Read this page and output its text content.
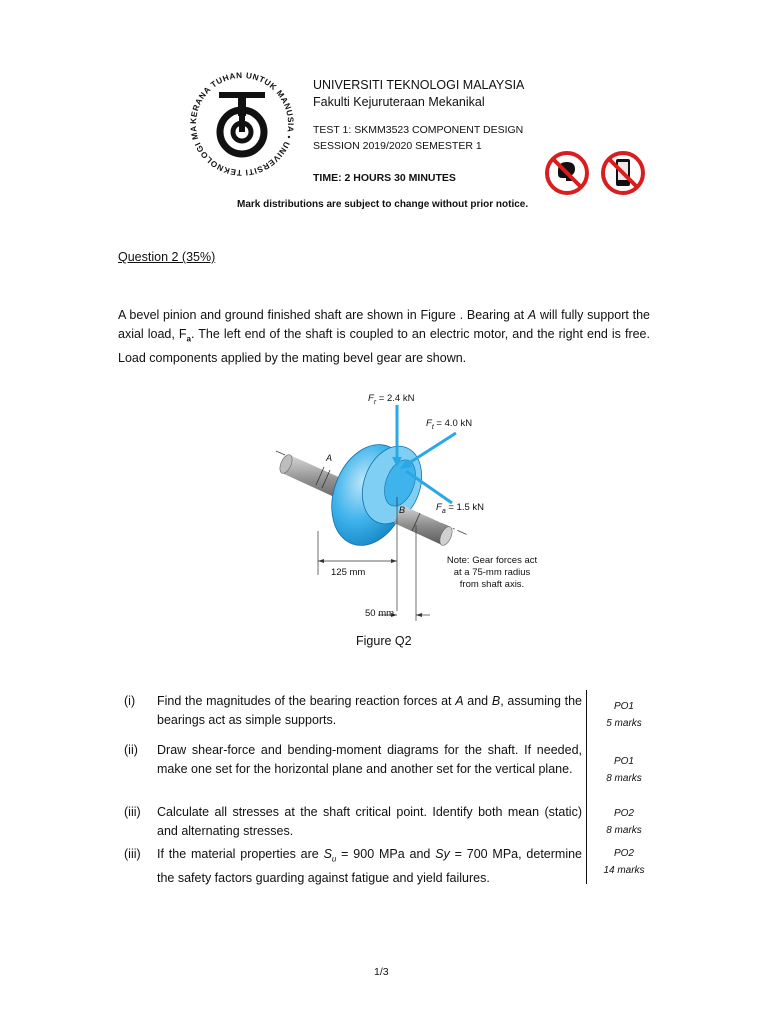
KERANA TUHAN UNTUK MANUSIA • UNIVERSITI TEKNOLOGI MA
UNIVERSITI TEKNOLOGI MALAYSIA
Fakulti Kejuruteraan Mekanikal
TEST 1: SKMM3523 COMPONENT DESIGN
SESSION 2019/2020 SEMESTER 1
TIME: 2 HOURS 30 MINUTES
Mark distributions are subject to change without prior notice.
Question 2 (35%)
A bevel pinion and ground finished shaft are shown in Figure . Bearing at A will fully support the axial load, $F_a$. The left end of the shaft is coupled to an electric motor, and the right end is free. Load components applied by the mating bevel gear are shown.
$F_r = 2.4$ kN
$F_t = 4.0$ kN
$F_a = 1.5$ kN
A
B
125 mm
50 mm
Note: Gear forces act
at a 75-mm radius
from shaft axis.
Figure Q2
(i) Find the magnitudes of the bearing reaction forces at A and B, assuming the bearings act as simple supports.
PO1
5 marks
(ii) Draw shear-force and bending-moment diagrams for the shaft. If needed, make one set for the horizontal plane and another set for the vertical plane.	PO1
8 marks
(iii) Calculate all stresses at the shaft critical point. Identify both mean (static) and alternating stresses.
PO2
8 marks
(iii) If the material properties are $S_u = 900$ MPa and Sy = 700 MPa, determine the safety factors guarding against fatigue and yield failures.
PO2
14 marks
1/3
